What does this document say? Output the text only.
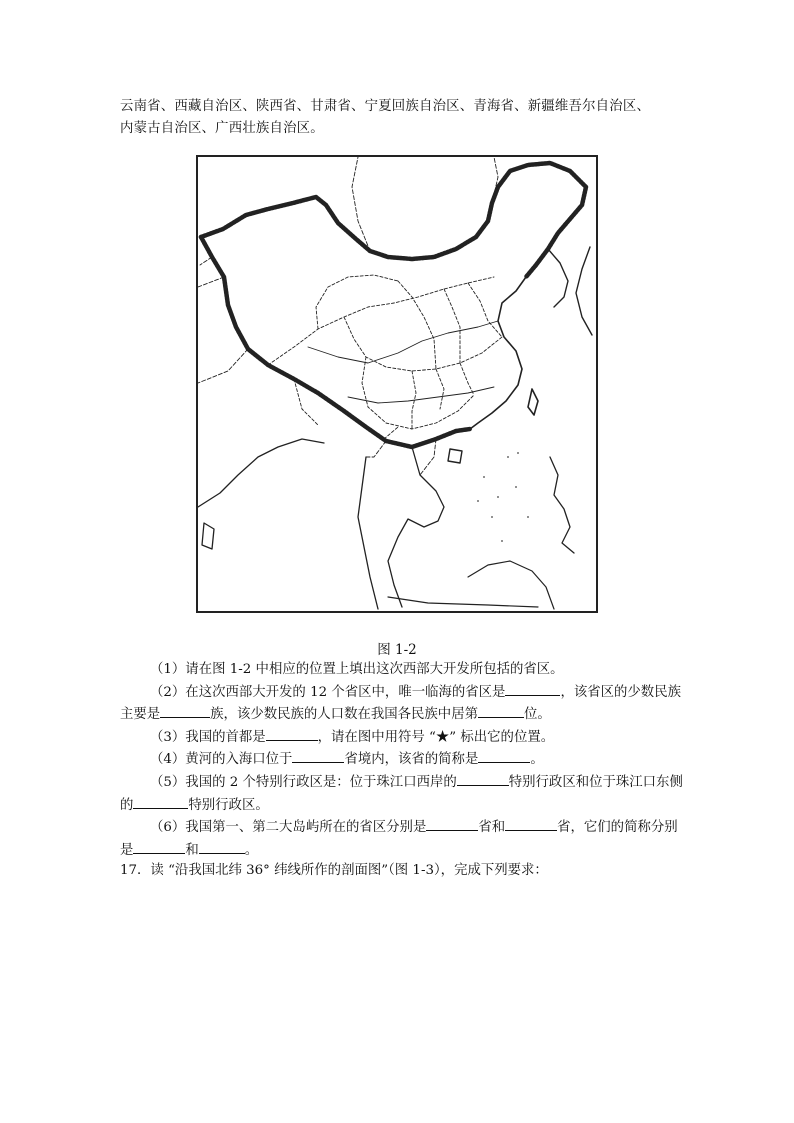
云南省、西藏自治区、陕西省、甘肃省、宁夏回族自治区、青海省、新疆维吾尔自治区、
内蒙古自治区、广西壮族自治区。
图 1-2

（1）请在图 1-2 中相应的位置上填出这次西部大开发所包括的省区。

（2）在这次西部大开发的 12 个省区中，唯一临海的省区是	，该省区的少数民族主要是	族，该少数民族的人口数在我国各民族中居第	位。

（3）我国的首都是	，请在图中用符号 “★” 标出它的位置。

（4）黄河的入海口位于	省境内，该省的简称是	。

（5）我国的 2 个特别行政区是：位于珠江口西岸的	特别行政区和位于珠江口东侧的	特别行政区。

（6）我国第一、第二大岛屿所在的省区分别是	省和	省，它们的简称分别是	和	。

17．读 “沿我国北纬 36° 纬线所作的剖面图”（图 1-3），完成下列要求：
